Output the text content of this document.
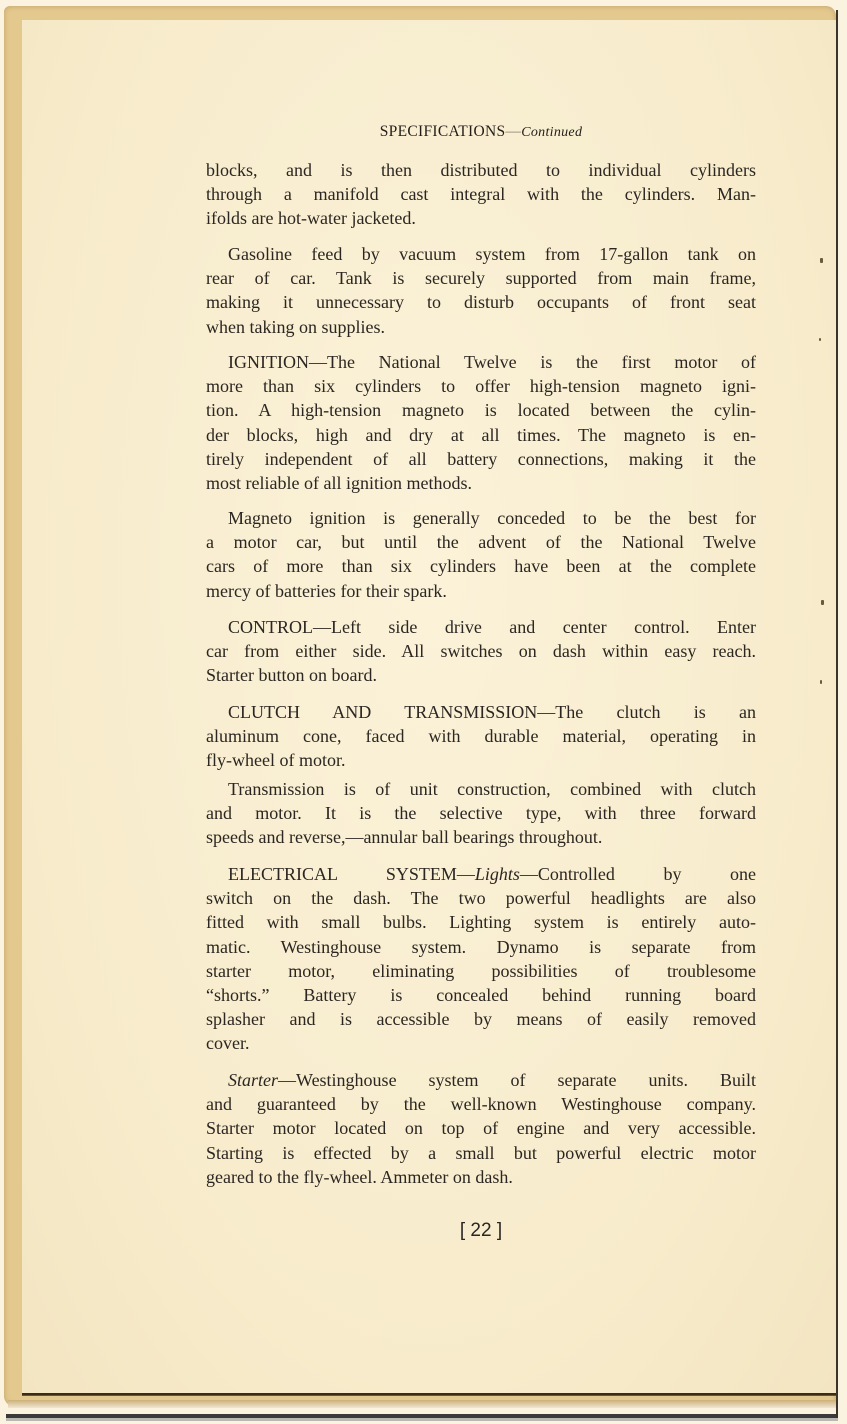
SPECIFICATIONS—Continued
blocks, and is then distributed to individual cylinders
through a manifold cast integral with the cylinders. Man-
ifolds are hot-water jacketed.
Gasoline feed by vacuum system from 17-gallon tank on
rear of car. Tank is securely supported from main frame,
making it unnecessary to disturb occupants of front seat
when taking on supplies.
IGNITION—The National Twelve is the first motor of
more than six cylinders to offer high-tension magneto igni-
tion. A high-tension magneto is located between the cylin-
der blocks, high and dry at all times. The magneto is en-
tirely independent of all battery connections, making it the
most reliable of all ignition methods.
Magneto ignition is generally conceded to be the best for
a motor car, but until the advent of the National Twelve
cars of more than six cylinders have been at the complete
mercy of batteries for their spark.
CONTROL—Left side drive and center control. Enter
car from either side. All switches on dash within easy reach.
Starter button on board.
CLUTCH AND TRANSMISSION—The clutch is an
aluminum cone, faced with durable material, operating in
fly-wheel of motor.
Transmission is of unit construction, combined with clutch
and motor. It is the selective type, with three forward
speeds and reverse,—annular ball bearings throughout.
ELECTRICAL SYSTEM—Lights—Controlled by one
switch on the dash. The two powerful headlights are also
fitted with small bulbs. Lighting system is entirely auto-
matic. Westinghouse system. Dynamo is separate from
starter motor, eliminating possibilities of troublesome
“shorts.” Battery is concealed behind running board
splasher and is accessible by means of easily removed
cover.
Starter—Westinghouse system of separate units. Built
and guaranteed by the well-known Westinghouse company.
Starter motor located on top of engine and very accessible.
Starting is effected by a small but powerful electric motor
geared to the fly-wheel. Ammeter on dash.
[ 22 ]
